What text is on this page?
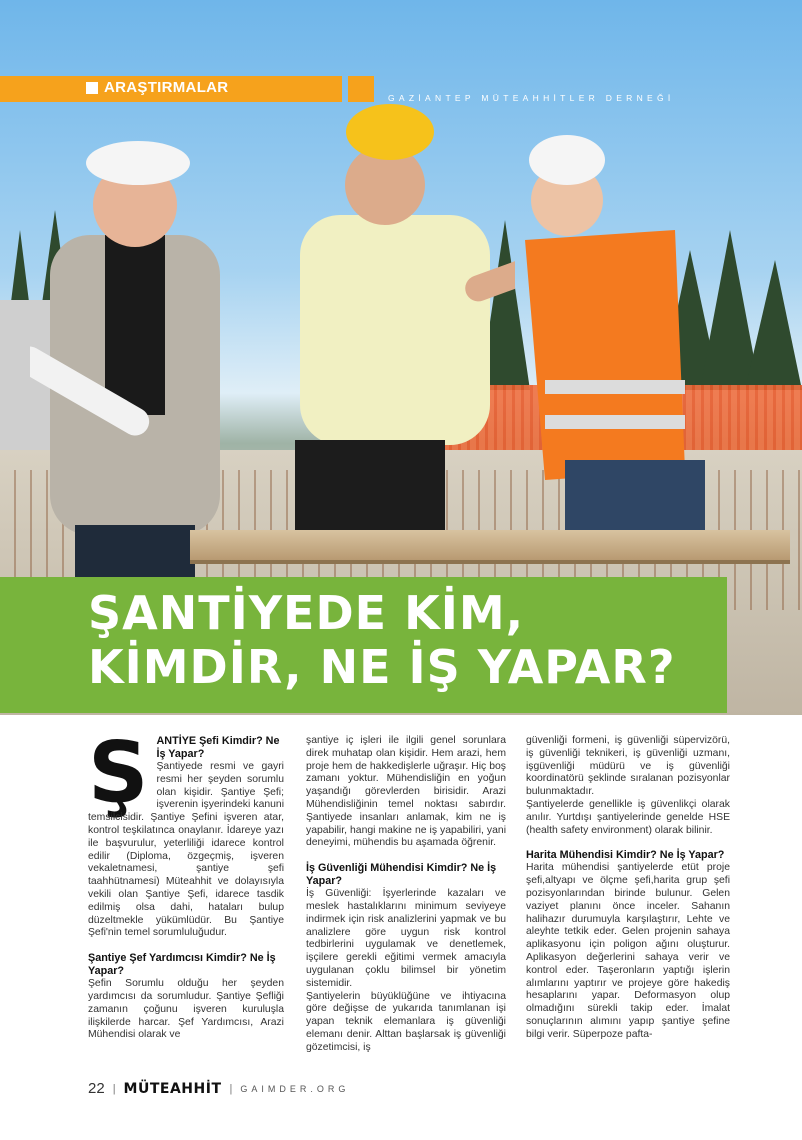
ARAŞTIRMALAR
GAZİANTEP MÜTEAHHİTLER DERNEĞİ
ŞANTİYEDE KİM,
KİMDİR, NE İŞ YAPAR?
Ş ANTİYE Şefi Kimdir? Ne İş Yapar?

Şantiyede resmi ve gayri resmi her şeyden sorumlu olan kişidir. Şantiye Şefi; işverenin işyerindeki kanuni temsilcisidir. Şantiye Şefini işveren atar, kontrol teşkilatınca onaylanır. İdareye yazı ile başvurulur, yeterliliği idarece kontrol edilir (Diploma, özgeçmiş, işveren vekaletnamesi, şantiye şefi taahhütnamesi) Müteahhit ve dolayısıyla vekili olan Şantiye Şefi, idarece tasdik edilmiş olsa dahi, hataları bulup düzeltmekle yükümlüdür. Bu Şantiye Şefi'nin temel sorumluluğudur.

Şantiye Şef Yardımcısı Kimdir? Ne İş Yapar?

Şefin Sorumlu olduğu her şeyden yardımcısı da sorumludur. Şantiye Şefliği zamanın çoğunu işveren kuruluşla ilişkilerde harcar. Şef Yardımcısı, Arazi Mühendisi olarak ve

şantiye iç işleri ile ilgili genel sorunlara direk muhatap olan kişidir. Hem arazi, hem proje hem de hakkedişlerle uğraşır. Hiç boş zamanı yoktur. Mühendisliğin en yoğun yaşandığı görevlerden birisidir. Arazi Mühendisliğinin temel noktası sabırdır. Şantiyede insanları anlamak, kim ne iş yapabilir, hangi makine ne iş yapabiliri, yani deneyimi, mühendis bu aşamada öğrenir.

İş Güvenliği Mühendisi Kimdir? Ne İş Yapar?

İş Güvenliği: İşyerlerinde kazaları ve meslek hastalıklarını minimum seviyeye indirmek için risk analizlerini yapmak ve bu analizlere göre uygun risk kontrol tedbirlerini uygulamak ve denetlemek, işçilere gerekli eğitimi vermek amacıyla uygulanan çoklu bilimsel bir yönetim sistemidir.

Şantiyelerin büyüklüğüne ve ihtiyacına göre değişse de yukarıda tanımlanan işi yapan teknik elemanlara iş güvenliği elemanı denir. Alttan başlarsak iş güvenliği gözetimcisi, iş

güvenliği formeni, iş güvenliği süpervizörü, iş güvenliği teknikeri, iş güvenliği uzmanı, işgüvenliği müdürü ve iş güvenliği koordinatörü şeklinde sıralanan pozisyonlar bulunmaktadır.

Şantiyelerde genellikle iş güvenlikçi olarak anılır. Yurtdışı şantiyelerinde genelde HSE (health safety environment) olarak bilinir.

Harita Mühendisi Kimdir? Ne İş Yapar?

Harita mühendisi şantiyelerde etüt proje şefi,altyapı ve ölçme şefi,harita grup şefi pozisyonlarından birinde bulunur. Gelen vaziyet planını önce inceler. Sahanın halihazır durumuyla karşılaştırır, Lehte ve aleyhte tetkik eder. Gelen projenin sahaya aplikasyonu için poligon ağını oluşturur. Aplikasyon değerlerini sahaya verir ve kontrol eder. Taşeronların yaptığı işlerin alımlarını yaptırır ve projeye göre hakediş hesaplarını yapar. Deformasyon olup olmadığını sürekli takip eder. İmalat sonuçlarının alımını yapıp şantiye şefine bilgi verir. Süperpoze pafta-

22 | MÜTEAHHİT | GAIMDER.ORG
